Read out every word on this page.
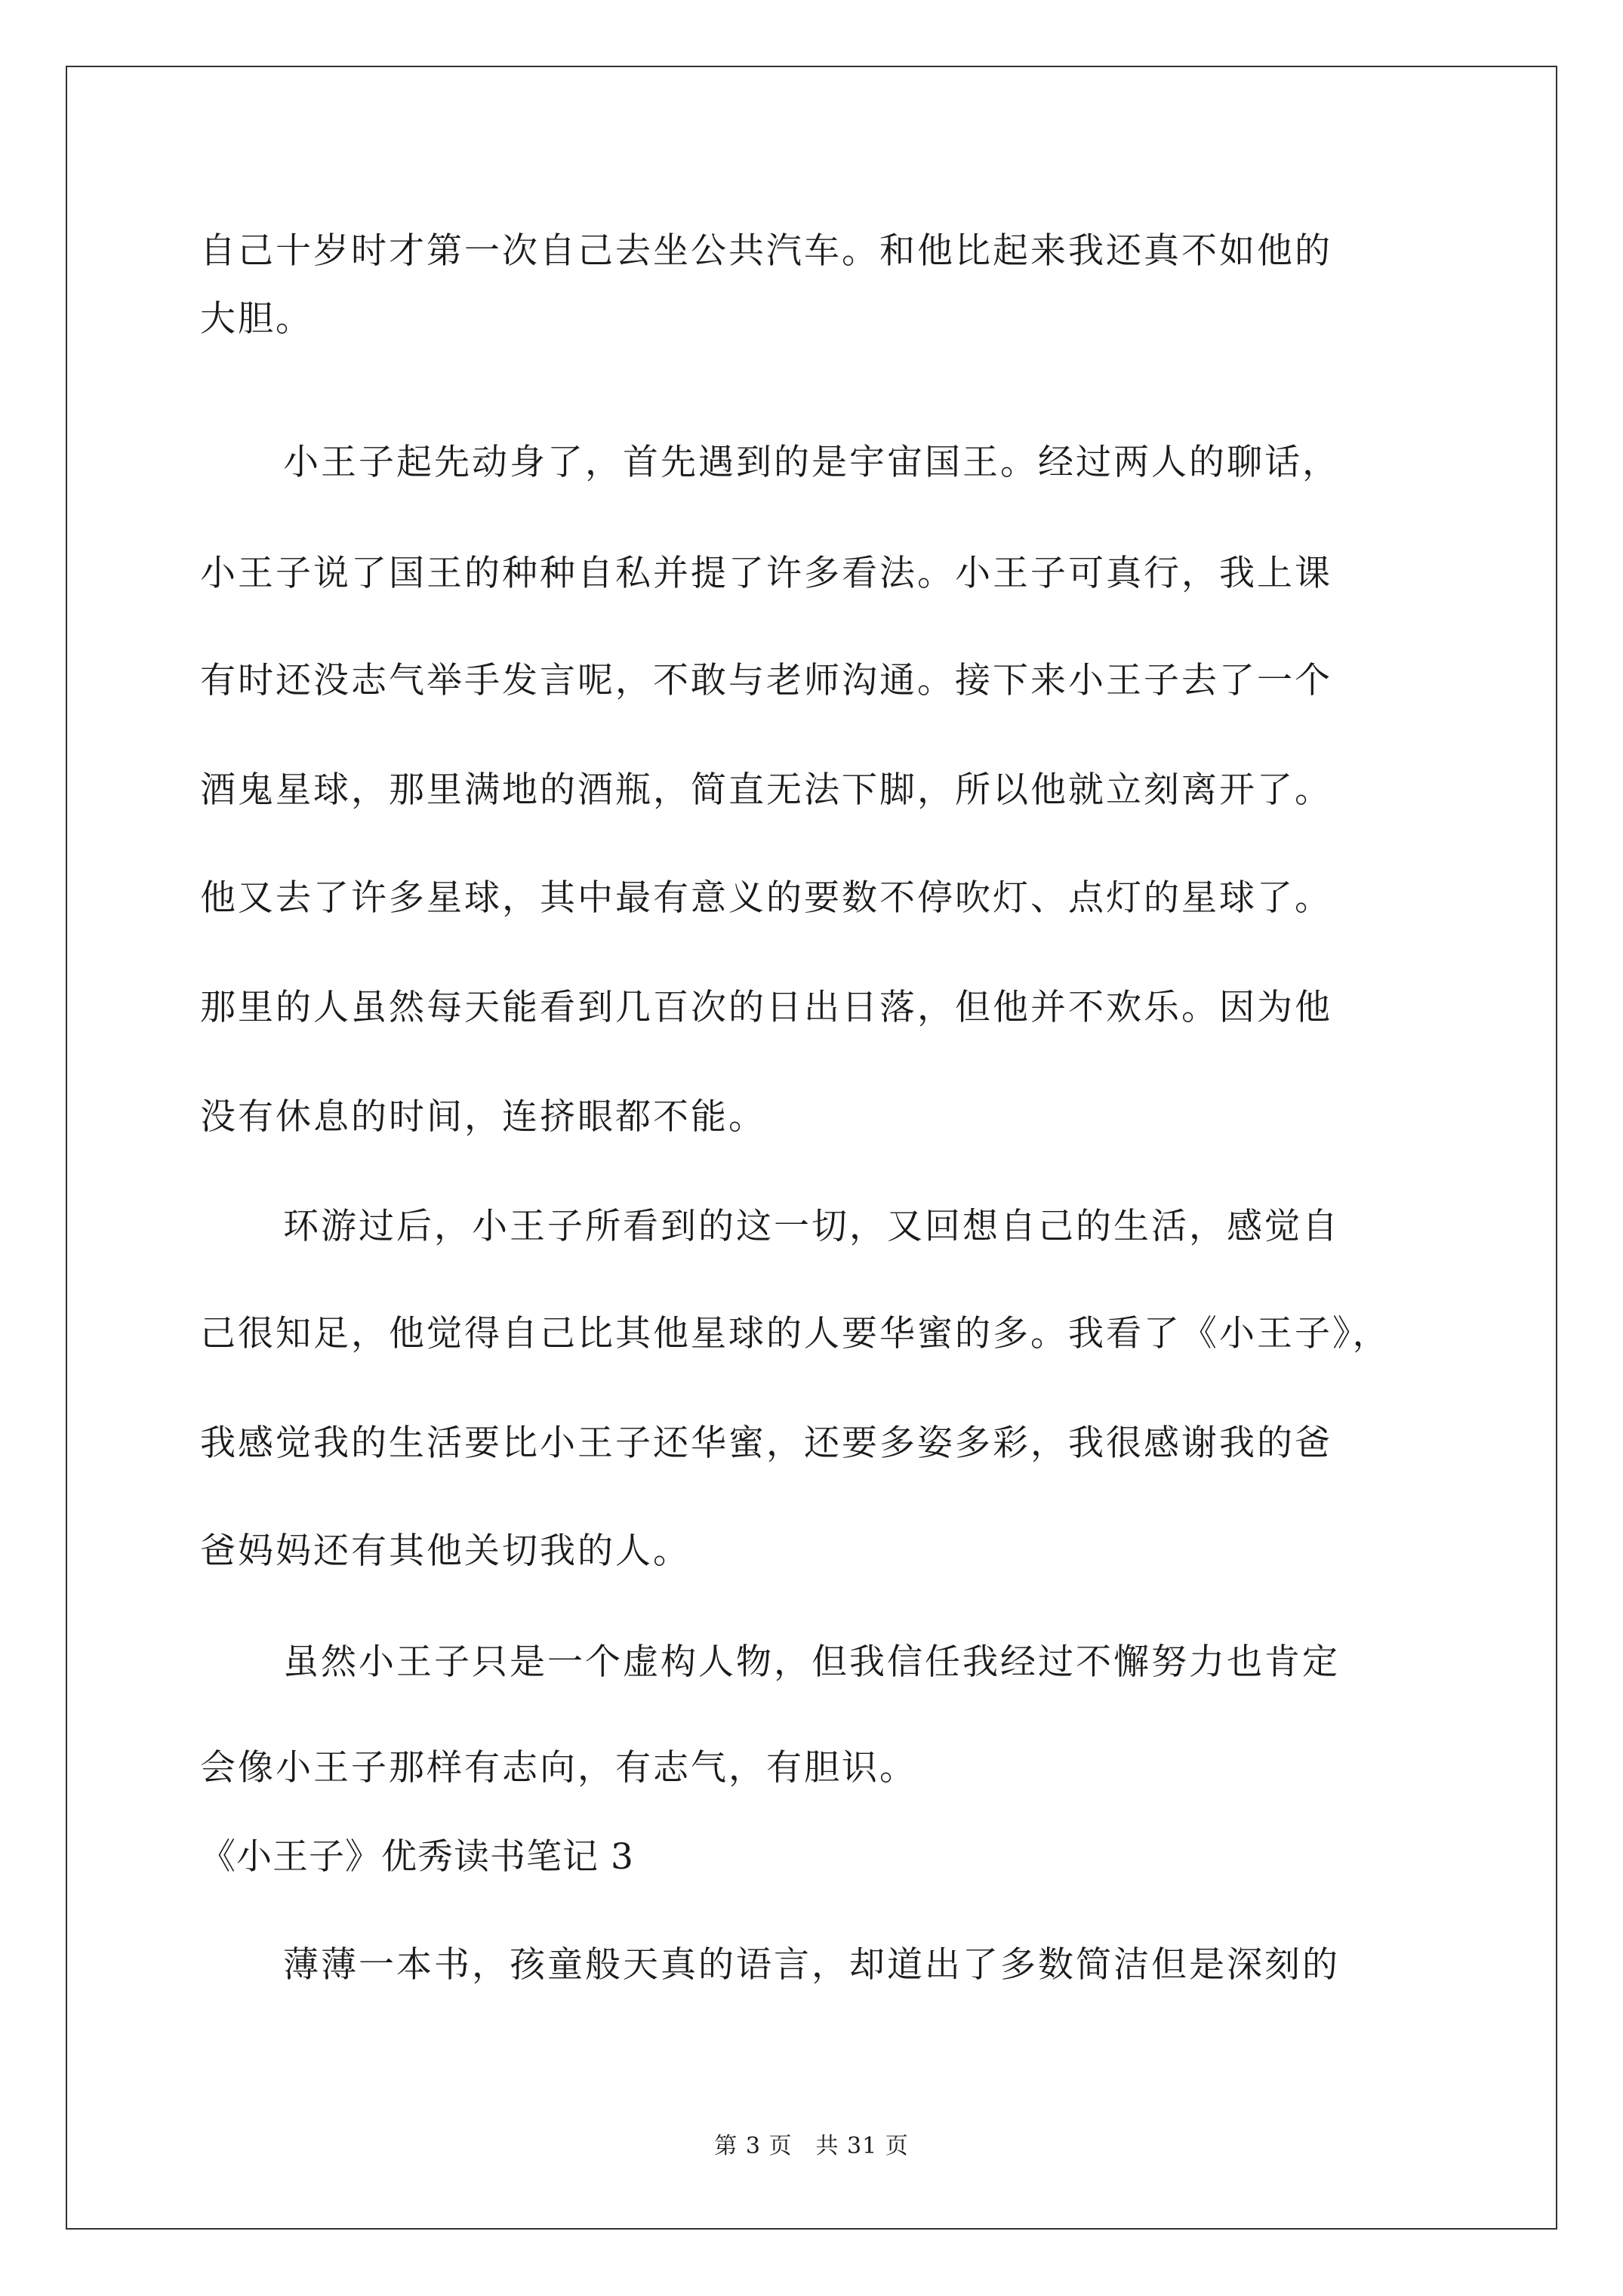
自己十岁时才第一次自己去坐公共汽车。和他比起来我还真不如他的
大胆。
小王子起先动身了，首先遇到的是宇宙国王。经过两人的聊话，
小王子说了国王的种种自私并提了许多看法。小王子可真行，我上课
有时还没志气举手发言呢，不敢与老师沟通。接下来小王子去了一个
酒鬼星球，那里满地的酒瓶，简直无法下脚，所以他就立刻离开了。
他又去了许多星球，其中最有意义的要数不停吹灯、点灯的星球了。
那里的人虽然每天能看到几百次的日出日落，但他并不欢乐。因为他
没有休息的时间，连挤眼都不能。
环游过后，小王子所看到的这一切，又回想自己的生活，感觉自
己很知足，他觉得自己比其他星球的人要华蜜的多。我看了《小王子》，
我感觉我的生活要比小王子还华蜜，还要多姿多彩，我很感谢我的爸
爸妈妈还有其他关切我的人。
虽然小王子只是一个虚构人物，但我信任我经过不懈努力也肯定
会像小王子那样有志向，有志气，有胆识。
《小王子》优秀读书笔记 3
薄薄一本书，孩童般天真的语言，却道出了多数简洁但是深刻的
第 3 页　共 31 页
